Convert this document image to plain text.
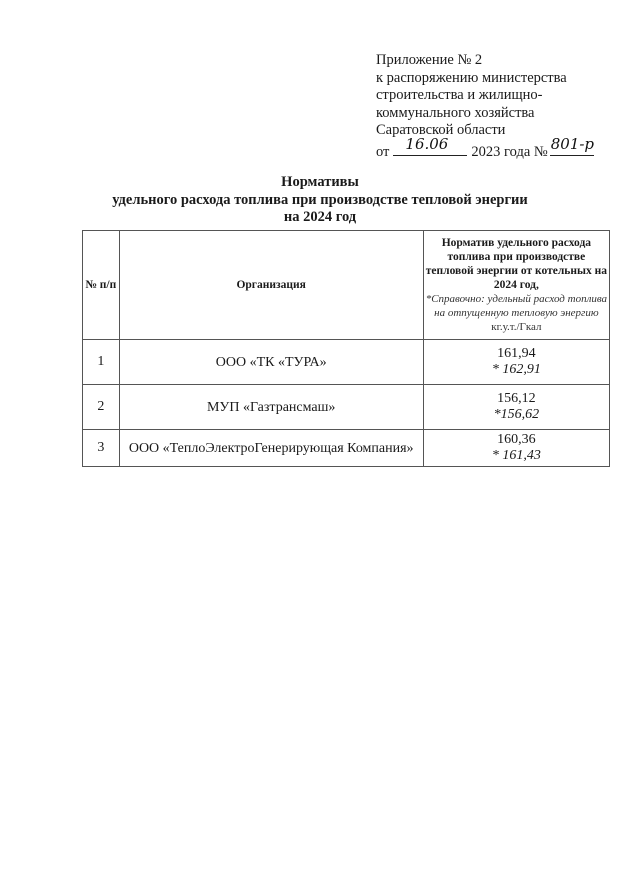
Приложение № 2
к распоряжению министерства
строительства и жилищно-
коммунального хозяйства
Саратовской области
от 16.06 2023 года № 801-р
Нормативы
удельного расхода топлива при производстве тепловой энергии
на 2024 год
№ п/п	Организация	Норматив удельного расхода топлива при производстве тепловой энергии от котельных на 2024 год,
*Справочно: удельный расход топлива на отпущенную тепловую энергию кг.у.т./Гкал

1	ООО «ТК «ТУРА»	161,94
* 162,91

2	МУП «Газтрансмаш»	156,12
*156,62

3	ООО «ТеплоЭлектроГенерирующая Компания»	160,36
* 161,43
